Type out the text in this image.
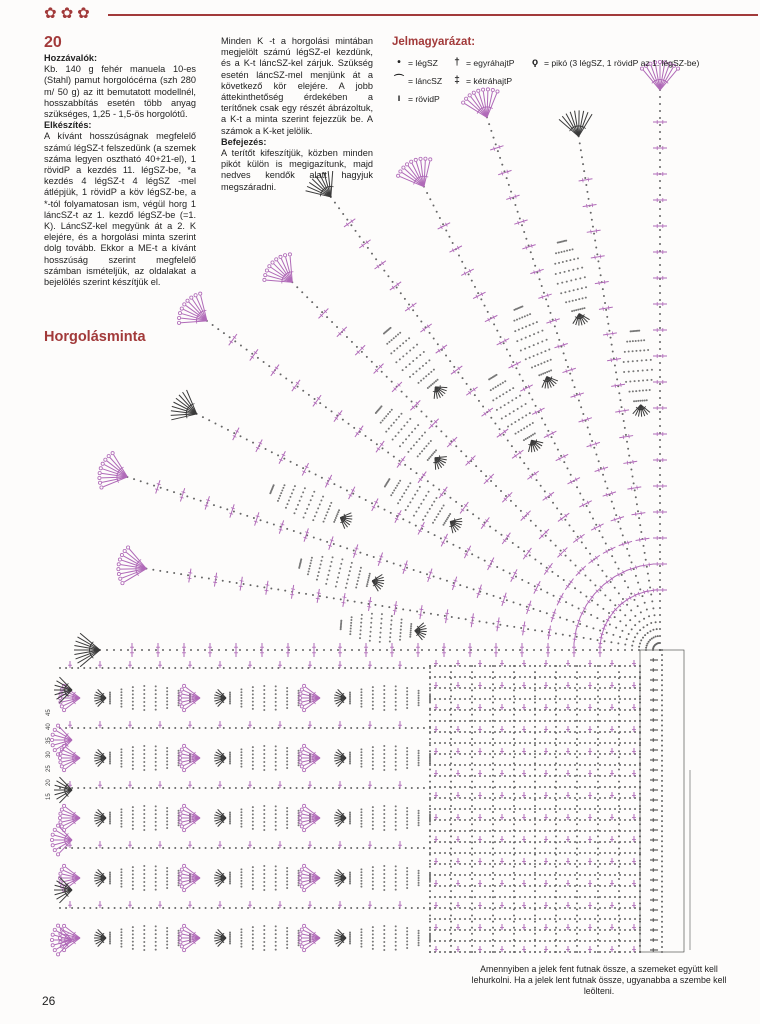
15
20
25
30
35
40
45
✿ ✿ ✿
20

Hozzávalók:

Kb. 140 g fehér manuela 10-es (Stahl) pamut horgolócérna (szh 280 m/ 50 g) az itt bemutatott modellnél, hosszabbítás esetén több anyag szükséges, 1,25 - 1,5-ös horgolótű.

Elkészítés:

A kívánt hosszúságnak megfelelő számú légSZ-t felszedünk (a szemek száma legyen osztható 40+21-el), 1 rövidP a kezdés 11. légSZ-be, *a kezdés 4 légSZ-t 4 légSZ -mel átlépjük, 1 rövidP a köv légSZ-be, a *-tól folyamatosan ism, végül horg 1 láncSZ-t az 1. kezdő légSZ-be (=1. K). LáncSZ-kel megyünk át a 2. K elejére, és a horgolási minta szerint dolg tovább. Ekkor a ME-t a kívánt hosszúság szerint megfelelő számban ismételjük, az oldalakat a bejelölés szerint készítjük el.

Minden K -t a horgolási mintában megjelölt számú légSZ-el kezdünk, és a K-t láncSZ-kel zárjuk. Szükség esetén láncSZ-mel menjünk át a következő kör elejére. A jobb áttekinthetőség érdekében a terítőnek csak egy részét ábrázoltuk, a K-t a minta szerint fejezzük be. A számok a K-ket jelölik.

Befejezés:

A terítőt kifeszítjük, közben minden pikót külön is megigazítunk, majd nedves kendők alatt hagyjuk megszáradni.

Horgolásminta
Jelmagyarázat:
• = légSZ	† = egyráhajtP	ϙ = pikó (3 légSZ, 1 rövidP az 1. légSZ-be)
⌒ = láncSZ	‡ = kétráhajtP
ı = rövidP
Amennyiben a jelek fent futnak össze, a szemeket együtt kell lehurkolni. Ha a jelek lent futnak össze, ugyanabba a szembe kell leölteni.
26
